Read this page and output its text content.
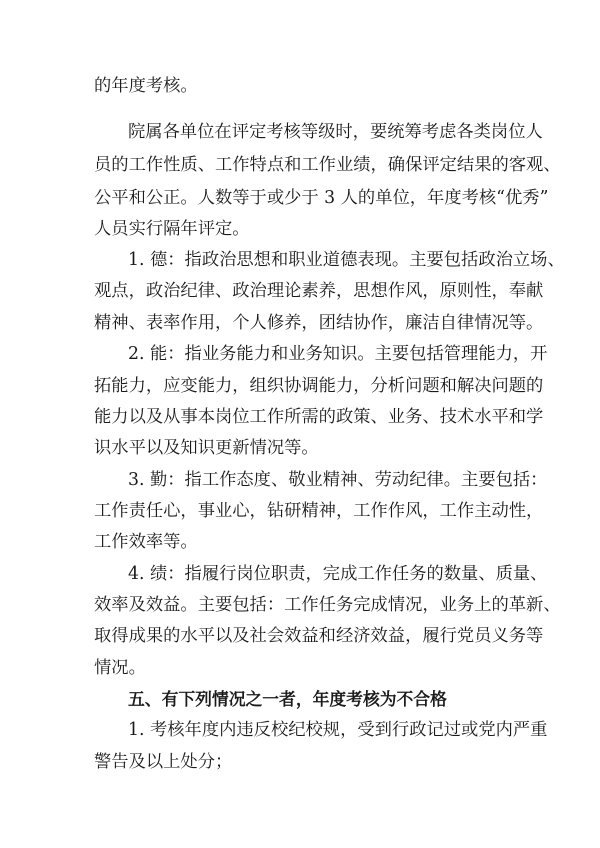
的年度考核。
院属各单位在评定考核等级时，要统筹考虑各类岗位人
员的工作性质、工作特点和工作业绩，确保评定结果的客观、
公平和公正。人数等于或少于 3 人的单位，年度考核“优秀”
人员实行隔年评定。
1. 德：指政治思想和职业道德表现。主要包括政治立场、
观点，政治纪律、政治理论素养，思想作风，原则性，奉献
精神、表率作用，个人修养，团结协作，廉洁自律情况等。
2. 能：指业务能力和业务知识。主要包括管理能力，开
拓能力，应变能力，组织协调能力，分析问题和解决问题的
能力以及从事本岗位工作所需的政策、业务、技术水平和学
识水平以及知识更新情况等。
3. 勤：指工作态度、敬业精神、劳动纪律。主要包括：
工作责任心，事业心，钻研精神，工作作风，工作主动性，
工作效率等。
4. 绩：指履行岗位职责，完成工作任务的数量、质量、
效率及效益。主要包括：工作任务完成情况，业务上的革新、
取得成果的水平以及社会效益和经济效益，履行党员义务等
情况。
五、有下列情况之一者，年度考核为不合格
1. 考核年度内违反校纪校规，受到行政记过或党内严重
警告及以上处分；
